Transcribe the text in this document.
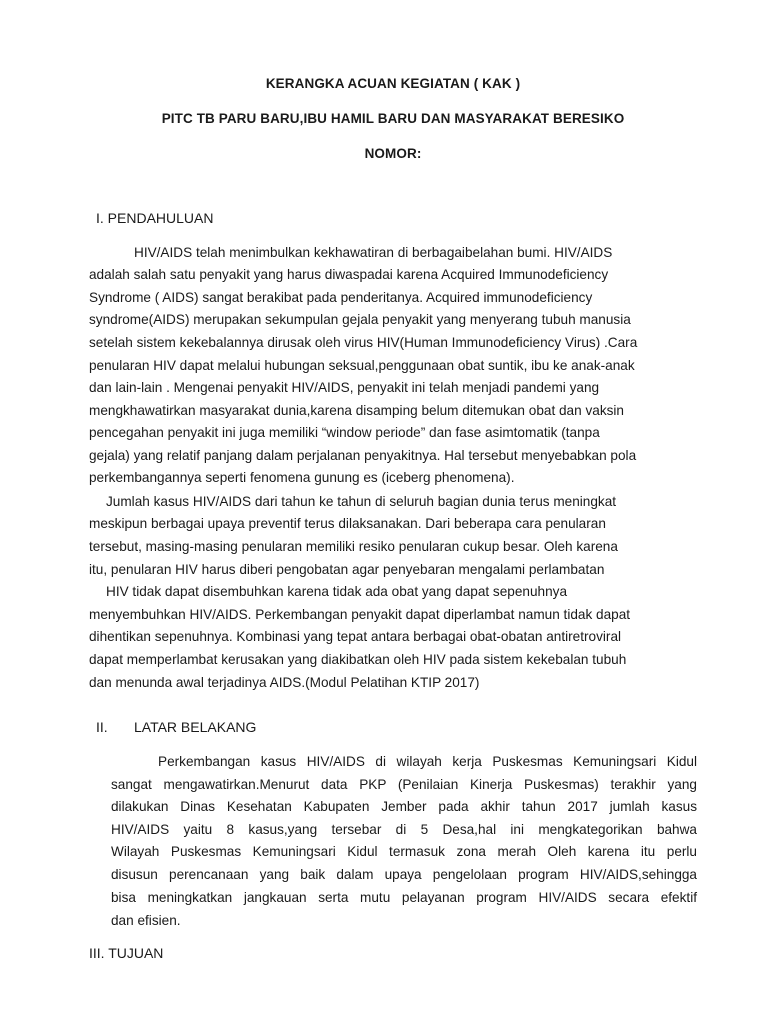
KERANGKA ACUAN KEGIATAN ( KAK )
PITC TB PARU BARU,IBU HAMIL BARU DAN MASYARAKAT BERESIKO
NOMOR:
I. PENDAHULUAN
HIV/AIDS telah menimbulkan kekhawatiran di berbagaibelahan bumi. HIV/AIDS
adalah salah satu penyakit yang harus diwaspadai karena Acquired Immunodeficiency
Syndrome ( AIDS) sangat berakibat pada penderitanya. Acquired immunodeficiency
syndrome(AIDS) merupakan sekumpulan gejala penyakit yang menyerang tubuh manusia
setelah sistem kekebalannya dirusak oleh virus HIV(Human Immunodeficiency Virus) .Cara
penularan HIV dapat melalui hubungan seksual,penggunaan obat suntik, ibu ke anak-anak
dan lain-lain . Mengenai penyakit HIV/AIDS, penyakit ini telah menjadi pandemi yang
mengkhawatirkan masyarakat dunia,karena disamping belum ditemukan obat dan vaksin
pencegahan penyakit ini juga memiliki “window periode” dan fase asimtomatik (tanpa
gejala) yang relatif panjang dalam perjalanan penyakitnya. Hal tersebut menyebabkan pola
perkembangannya seperti fenomena gunung es (iceberg phenomena).
Jumlah kasus HIV/AIDS dari tahun ke tahun di seluruh bagian dunia terus meningkat
meskipun berbagai upaya preventif terus dilaksanakan. Dari beberapa cara penularan
tersebut, masing-masing penularan memiliki resiko penularan cukup besar. Oleh karena
itu, penularan HIV harus diberi pengobatan agar penyebaran mengalami perlambatan
HIV tidak dapat disembuhkan karena tidak ada obat yang dapat sepenuhnya
menyembuhkan HIV/AIDS. Perkembangan penyakit dapat diperlambat namun tidak dapat
dihentikan sepenuhnya. Kombinasi yang tepat antara berbagai obat-obatan antiretroviral
dapat memperlambat kerusakan yang diakibatkan oleh HIV pada sistem kekebalan tubuh
dan menunda awal terjadinya AIDS.(Modul Pelatihan KTIP 2017)
II. LATAR BELAKANG
Perkembangan kasus HIV/AIDS di wilayah kerja Puskesmas Kemuningsari Kidul
sangat mengawatirkan.Menurut data PKP (Penilaian Kinerja Puskesmas) terakhir yang
dilakukan Dinas Kesehatan Kabupaten Jember pada akhir tahun 2017 jumlah kasus
HIV/AIDS yaitu 8 kasus,yang tersebar di 5 Desa,hal ini mengkategorikan bahwa
Wilayah Puskesmas Kemuningsari Kidul termasuk zona merah Oleh karena itu perlu
disusun perencanaan yang baik dalam upaya pengelolaan program HIV/AIDS,sehingga
bisa meningkatkan jangkauan serta mutu pelayanan program HIV/AIDS secara efektif
dan efisien.
III. TUJUAN
